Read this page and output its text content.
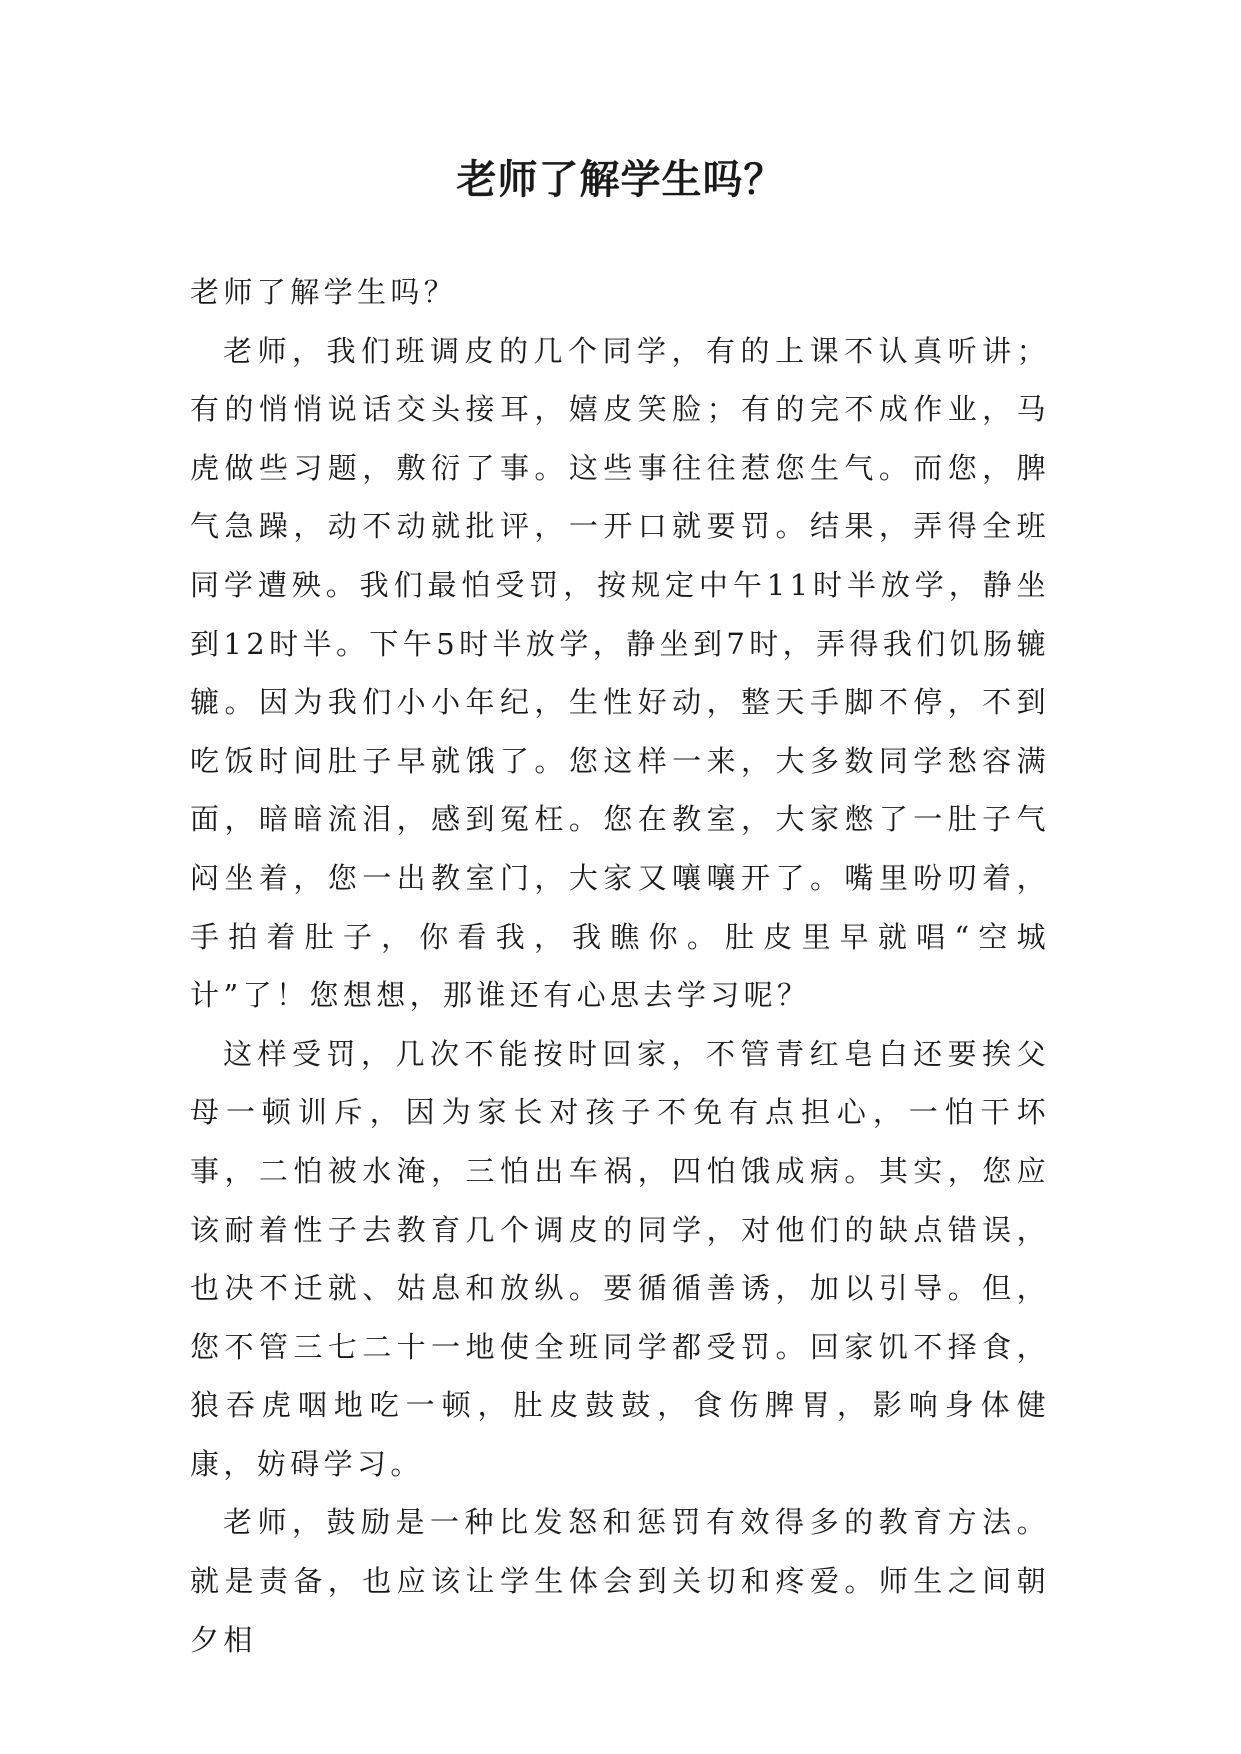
老师了解学生吗？

老师了解学生吗？

老师，我们班调皮的几个同学，有的上课不认真听讲；有的悄悄说话交头接耳，嬉皮笑脸；有的完不成作业，马虎做些习题，敷衍了事。这些事往往惹您生气。而您，脾气急躁，动不动就批评，一开口就要罚。结果，弄得全班同学遭殃。我们最怕受罚，按规定中午11时半放学，静坐到12时半。下午5时半放学，静坐到7时，弄得我们饥肠辘辘。因为我们小小年纪，生性好动，整天手脚不停，不到吃饭时间肚子早就饿了。您这样一来，大多数同学愁容满面，暗暗流泪，感到冤枉。您在教室，大家憋了一肚子气闷坐着，您一出教室门，大家又嚷嚷开了。嘴里吩叨着，手拍着肚子，你看我，我瞧你。肚皮里早就唱“空城计”了！您想想，那谁还有心思去学习呢？

这样受罚，几次不能按时回家，不管青红皂白还要挨父母一顿训斥，因为家长对孩子不免有点担心，一怕干坏事，二怕被水淹，三怕出车祸，四怕饿成病。其实，您应该耐着性子去教育几个调皮的同学，对他们的缺点错误，也决不迁就、姑息和放纵。要循循善诱，加以引导。但，您不管三七二十一地使全班同学都受罚。回家饥不择食，狼吞虎咽地吃一顿，肚皮鼓鼓，食伤脾胃，影响身体健康，妨碍学习。

老师，鼓励是一种比发怒和惩罚有效得多的教育方法。就是责备，也应该让学生体会到关切和疼爱。师生之间朝夕相
